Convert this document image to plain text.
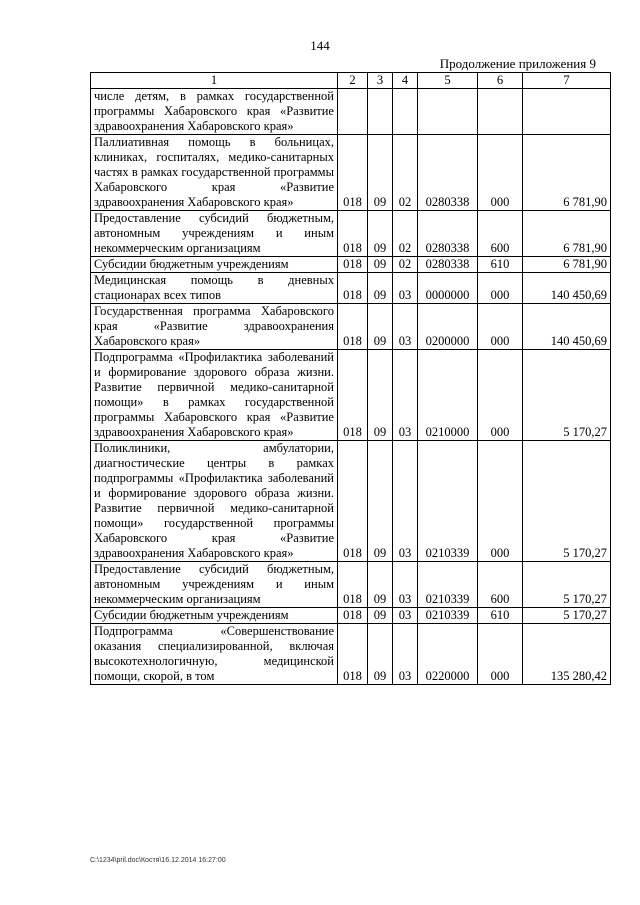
144
Продолжение приложения 9
1	2	3	4	5	6	7
числе детям, в рамках государственной программы Хабаровского края «Развитие здравоохранения Хабаровского края»						
Паллиативная помощь в больницах, клиниках, госпиталях, медико-санитарных частях в рамках государственной программы Хабаровского края «Развитие здравоохранения Хабаровского края»	018	09	02	0280338	000	6 781,90
Предоставление субсидий бюджетным, автономным учреждениям и иным некоммерческим организациям	018	09	02	0280338	600	6 781,90
Субсидии бюджетным учреждениям	018	09	02	0280338	610	6 781,90
Медицинская помощь в дневных стационарах всех типов	018	09	03	0000000	000	140 450,69
Государственная программа Хабаровского края «Развитие здравоохранения Хабаровского края»	018	09	03	0200000	000	140 450,69
Подпрограмма «Профилактика заболеваний и формирование здорового образа жизни. Развитие первичной медико-санитарной помощи» в рамках государственной программы Хабаровского края «Развитие здравоохранения Хабаровского края»	018	09	03	0210000	000	5 170,27
Поликлиники, амбулатории, диагностические центры в рамках подпрограммы «Профилактика заболеваний и формирование здорового образа жизни. Развитие первичной медико-санитарной помощи» государственной программы Хабаровского края «Развитие здравоохранения Хабаровского края»	018	09	03	0210339	000	5 170,27
Предоставление субсидий бюджетным, автономным учреждениям и иным некоммерческим организациям	018	09	03	0210339	600	5 170,27
Субсидии бюджетным учреждениям	018	09	03	0210339	610	5 170,27
Подпрограмма «Совершенствование оказания специализированной, включая высокотехнологичную, медицинской помощи, скорой, в том	018	09	03	0220000	000	135 280,42
C:\1234\pril.doc\Костя\16.12.2014 16:27:00
